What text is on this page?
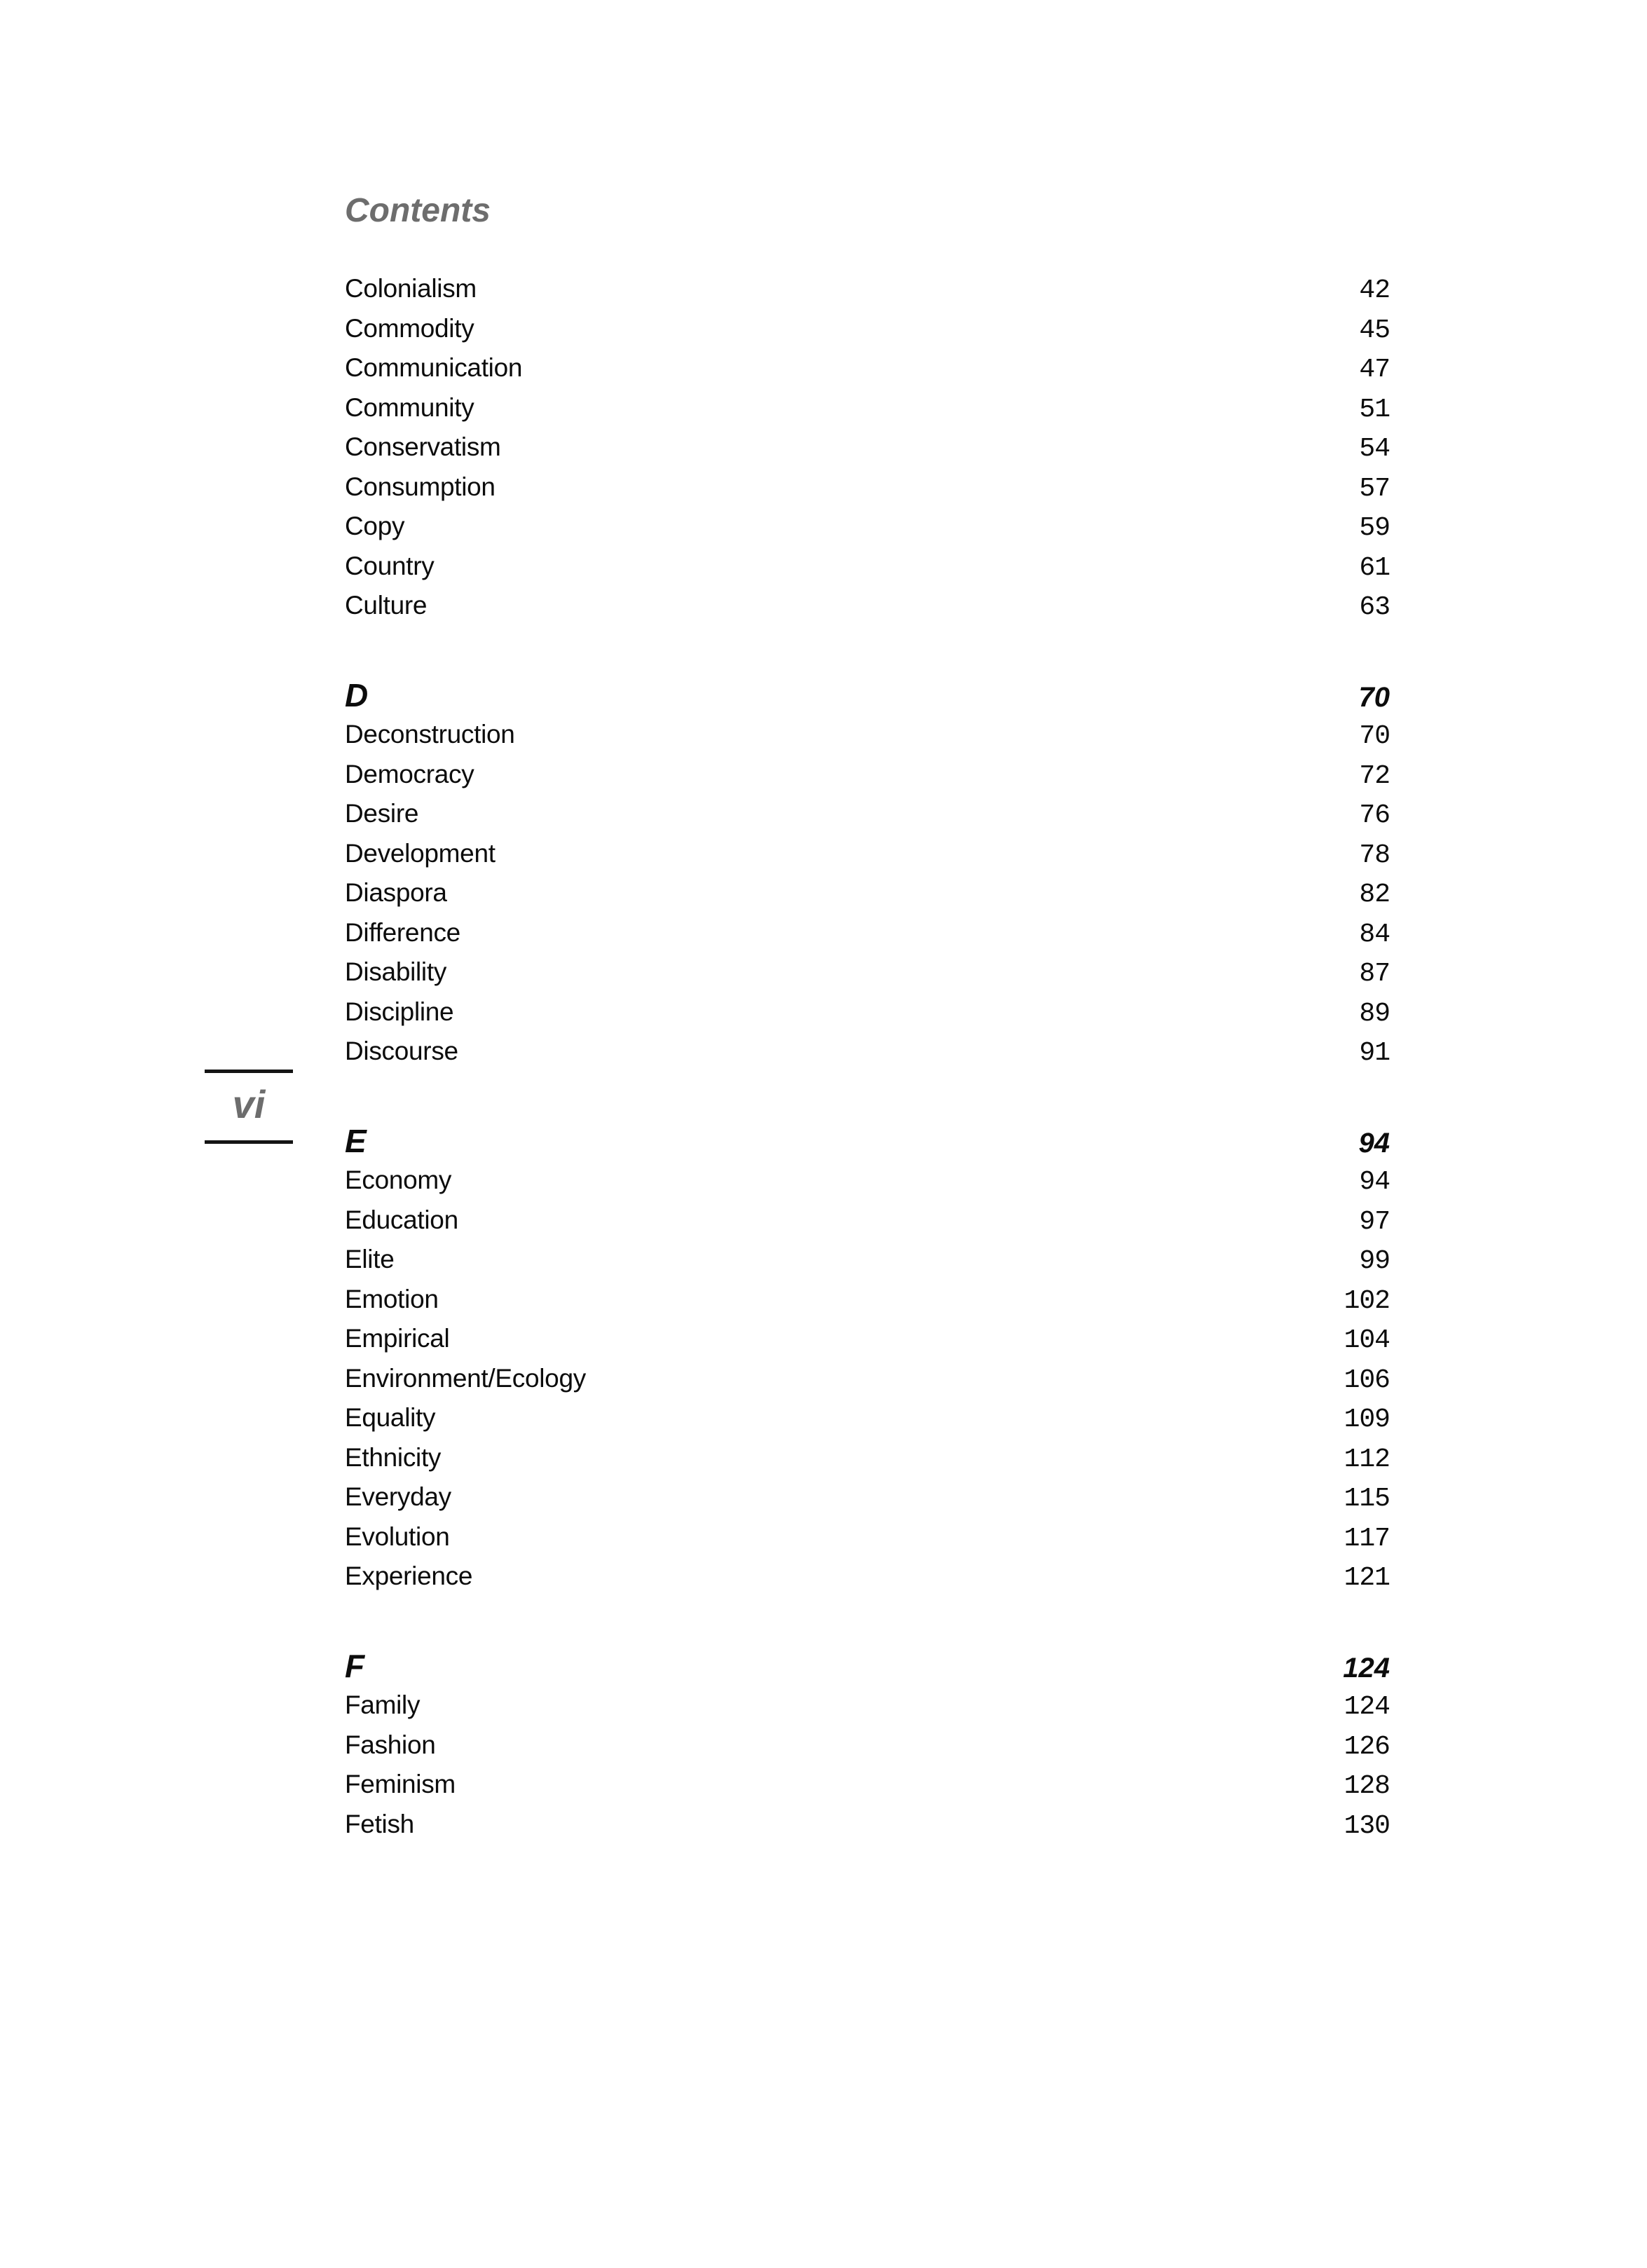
Contents
Colonialism	42
Commodity	45
Communication	47
Community	51
Conservatism	54
Consumption	57
Copy	59
Country	61
Culture	63
D	70
Deconstruction	70
Democracy	72
Desire	76
Development	78
Diaspora	82
Difference	84
Disability	87
Discipline	89
Discourse	91
E	94
Economy	94
Education	97
Elite	99
Emotion	102
Empirical	104
Environment/Ecology	106
Equality	109
Ethnicity	112
Everyday	115
Evolution	117
Experience	121
F	124
Family	124
Fashion	126
Feminism	128
Fetish	130
vi
